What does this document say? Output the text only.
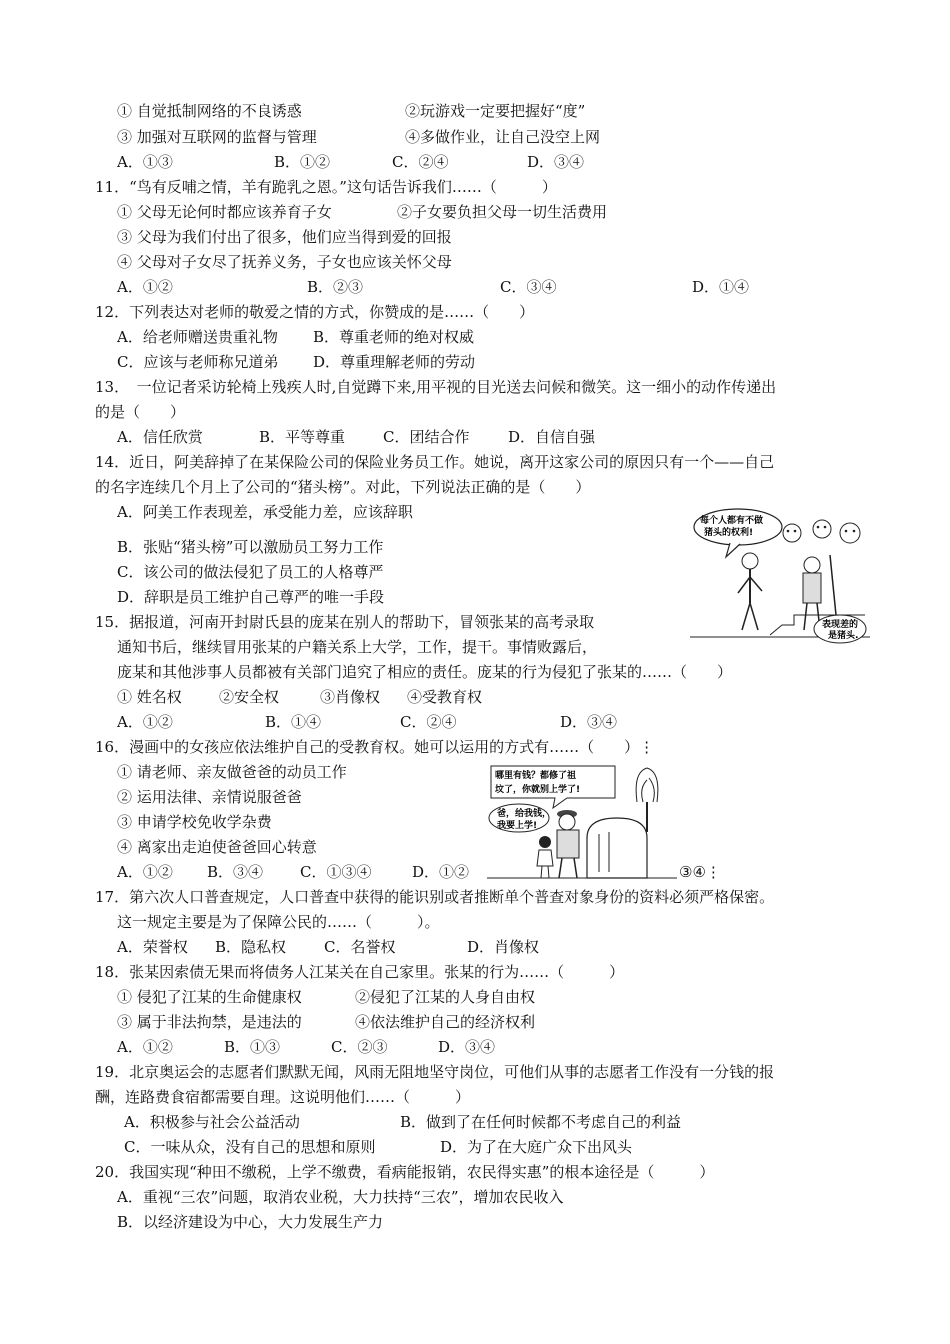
① 自觉抵制网络的不良诱惑	②玩游戏一定要把握好“度”
③ 加强对互联网的监督与管理	④多做作业，让自己没空上网
A．①③	B．①②	C．②④	D．③④
11．“鸟有反哺之情，羊有跪乳之恩。”这句话告诉我们……（　　　）
① 父母无论何时都应该养育子女	②子女要负担父母一切生活费用
③ 父母为我们付出了很多，他们应当得到爱的回报
④ 父母对子女尽了抚养义务，子女也应该关怀父母
A．①②	B．②③	C．③④	D．①④
12．下列表达对老师的敬爱之情的方式，你赞成的是……（　　）
A．给老师赠送贵重礼物 B．尊重老师的绝对权威
C．应该与老师称兄道弟 D．尊重理解老师的劳动
13．　一位记者采访轮椅上残疾人时,自觉蹲下来,用平视的目光送去问候和微笑。这一细小的动作传递出
的是（　　）
A．信任欣赏	B．平等尊重	C．团结合作	D．自信自强
14．近日，阿美辞掉了在某保险公司的保险业务员工作。她说，离开这家公司的原因只有一个——自己
的名字连续几个月上了公司的“猪头榜”。对此，下列说法正确的是（　　）
A．阿美工作表现差，承受能力差，应该辞职
B．张贴“猪头榜”可以激励员工努力工作
C．该公司的做法侵犯了员工的人格尊严
D．辞职是员工维护自己尊严的唯一手段
每个人都有不做猪头的权利!
表现差的是猪头.
15．据报道，河南开封尉氏县的庞某在别人的帮助下，冒领张某的高考录取
通知书后，继续冒用张某的户籍关系上大学，工作，提干。事情败露后，
庞某和其他涉事人员都被有关部门追究了相应的责任。庞某的行为侵犯了张某的……（　　）
① 姓名权 ②安全权	③肖像权 ④受教育权
A．①②	B．①④	C．②④	D．③④
16．漫画中的女孩应依法维护自己的受教育权。她可以运用的方式有……（　　）⋮
① 请老师、亲友做爸爸的动员工作
② 运用法律、亲情说服爸爸
③ 申请学校免收学杂费
④ 离家出走迫使爸爸回心转意
A．①② B．③④ C．①③④	D．①②	③④⋮
哪里有钱？都修了祖坟了，你就别上学了!
爸，给我钱，我要上学!
17．第六次人口普查规定，人口普查中获得的能识别或者推断单个普查对象身份的资料必须严格保密。
这一规定主要是为了保障公民的……（　　　）。
A．荣誉权 B．隐私权	C．名誉权	D．肖像权
18．张某因索债无果而将债务人江某关在自己家里。张某的行为……（　　　）
① 侵犯了江某的生命健康权	②侵犯了江某的人身自由权
③ 属于非法拘禁，是违法的	④依法维护自己的经济权利
A．①②	B．①③	C．②③	D．③④
19．北京奥运会的志愿者们默默无闻，风雨无阻地坚守岗位，可他们从事的志愿者工作没有一分钱的报
酬，连路费食宿都需要自理。这说明他们……（　　　）
A．积极参与社会公益活动	B．做到了在任何时候都不考虑自己的利益
C．一味从众，没有自己的思想和原则	D．为了在大庭广众下出风头
20．我国实现“种田不缴税，上学不缴费，看病能报销，农民得实惠”的根本途径是（　　　）
A．重视“三农”问题，取消农业税，大力扶持“三农”，增加农民收入
B．以经济建设为中心，大力发展生产力
